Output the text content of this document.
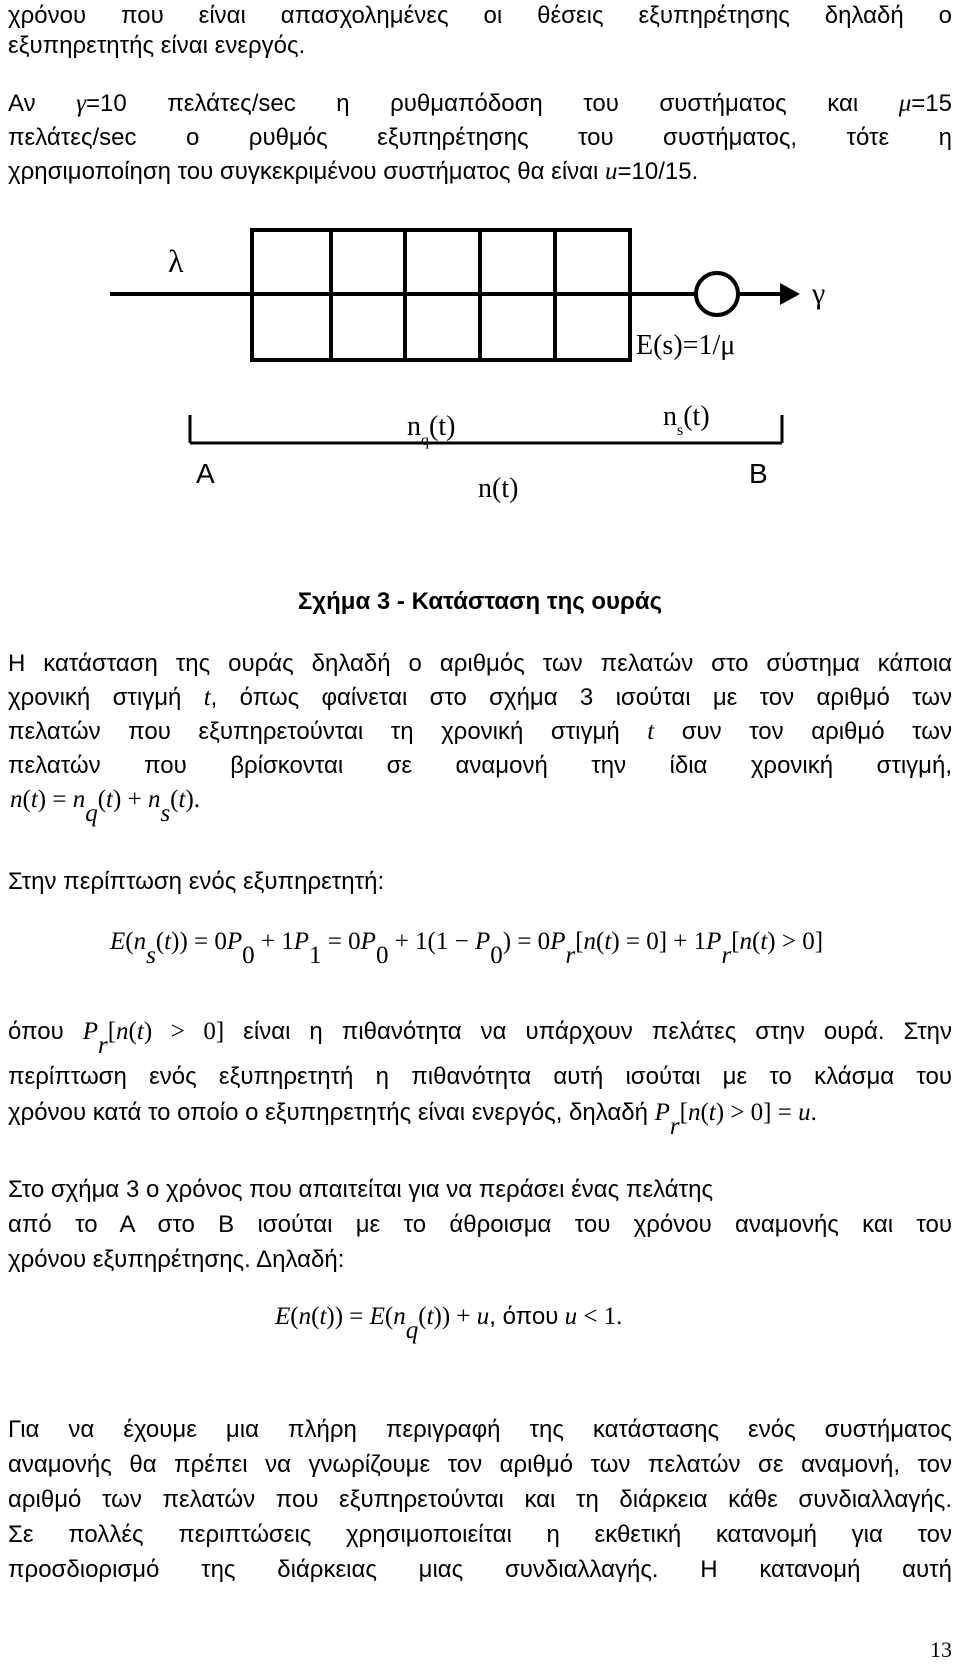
χρόνου που είναι απασχολημένες οι θέσεις εξυπηρέτησης δηλαδή ο
εξυπηρετητής είναι ενεργός.
Αν γ=10 πελάτες/sec η ρυθμαπόδοση του συστήματος και μ=15
πελάτες/sec ο ρυθμός εξυπηρέτησης του συστήματος, τότε η
χρησιμοποίηση του συγκεκριμένου συστήματος θα είναι u=10/15.
λ
γ
E(s)=1/μ
$n_q(t)$	$n_s(t)$
n(t)
A	B
Σχήμα 3 - Κατάσταση της ουράς
Η κατάσταση της ουράς δηλαδή ο αριθμός των πελατών στο σύστημα κάποια
χρονική στιγμή t, όπως φαίνεται στο σχήμα 3 ισούται με τον αριθμό των
πελατών που εξυπηρετούνται τη χρονική στιγμή t συν τον αριθμό των
πελατών που βρίσκονται σε αναμονή την ίδια χρονική στιγμή,
n(t) = nq(t) + ns(t).
Στην περίπτωση ενός εξυπηρετητή:
E(ns(t)) = 0P0 + 1P1 = 0P0 + 1(1 − P0) = 0Pr[n(t) = 0] + 1Pr[n(t) > 0]
όπου Pr[n(t) > 0] είναι η πιθανότητα να υπάρχουν πελάτες στην ουρά. Στην
περίπτωση ενός εξυπηρετητή η πιθανότητα αυτή ισούται με το κλάσμα του
χρόνου κατά το οποίο ο εξυπηρετητής είναι ενεργός, δηλαδή Pr[n(t) > 0] = u.
Στο σχήμα 3 ο χρόνος που απαιτείται για να περάσει ένας πελάτης
από το Α στο Β ισούται με το άθροισμα του χρόνου αναμονής και του
χρόνου εξυπηρέτησης. Δηλαδή:
E(n(t)) = E(nq(t)) + u, όπου u < 1.
Για να έχουμε μια πλήρη περιγραφή της κατάστασης ενός συστήματος
αναμονής θα πρέπει να γνωρίζουμε τον αριθμό των πελατών σε αναμονή, τον
αριθμό των πελατών που εξυπηρετούνται και τη διάρκεια κάθε συνδιαλλαγής.
Σε πολλές περιπτώσεις χρησιμοποιείται η εκθετική κατανομή για τον
προσδιορισμό της διάρκειας μιας συνδιαλλαγής. Η κατανομή αυτή
13
